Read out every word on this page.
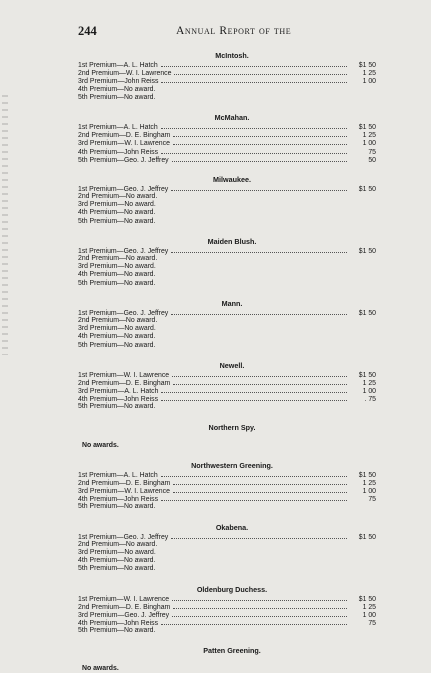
244	Annual Report of the
McIntosh.
1st Premium—A. L. Hatch	$1 50
2nd Premium—W. I. Lawrence	1 25
3rd Premium—John Reiss	1 00
4th Premium—No award.
5th Premium—No award.
McMahan.
1st Premium—A. L. Hatch	$1 50
2nd Premium—D. E. Bingham	1 25
3rd Premium—W. I. Lawrence	1 00
4th Premium—John Reiss	75
5th Premium—Geo. J. Jeffrey	50
Milwaukee.
1st Premium—Geo. J. Jeffrey	$1 50
2nd Premium—No award.
3rd Premium—No award.
4th Premium—No award.
5th Premium—No award.
Maiden Blush.
1st Premium—Geo. J. Jeffrey	$1 50
2nd Premium—No award.
3rd Premium—No award.
4th Premium—No award.
5th Premium—No award.
Mann.
1st Premium—Geo. J. Jeffrey	$1 50
2nd Premium—No award.
3rd Premium—No award.
4th Premium—No award.
5th Premium—No award.
Newell.
1st Premium—W. I. Lawrence	$1 50
2nd Premium—D. E. Bingham	1 25
3rd Premium—A. L. Hatch	1 00
4th Premium—John Reiss	. 75
5th Premium—No award.
Northern Spy.
No awards.
Northwestern Greening.
1st Premium—A. L. Hatch	$1 50
2nd Premium—D. E. Bingham	1 25
3rd Premium—W. I. Lawrence	1 00
4th Premium—John Reiss	75
5th Premium—No award.
Okabena.
1st Premium—Geo. J. Jeffrey	$1 50
2nd Premium—No award.
3rd Premium—No award.
4th Premium—No award.
5th Premium—No award.
Oldenburg Duchess.
1st Premium—W. I. Lawrence	$1 50
2nd Premium—D. E. Bingham	1 25
3rd Premium—Geo. J. Jeffrey	1 00
4th Premium—John Reiss	75
5th Premium—No award.
Patten Greening.
No awards.
